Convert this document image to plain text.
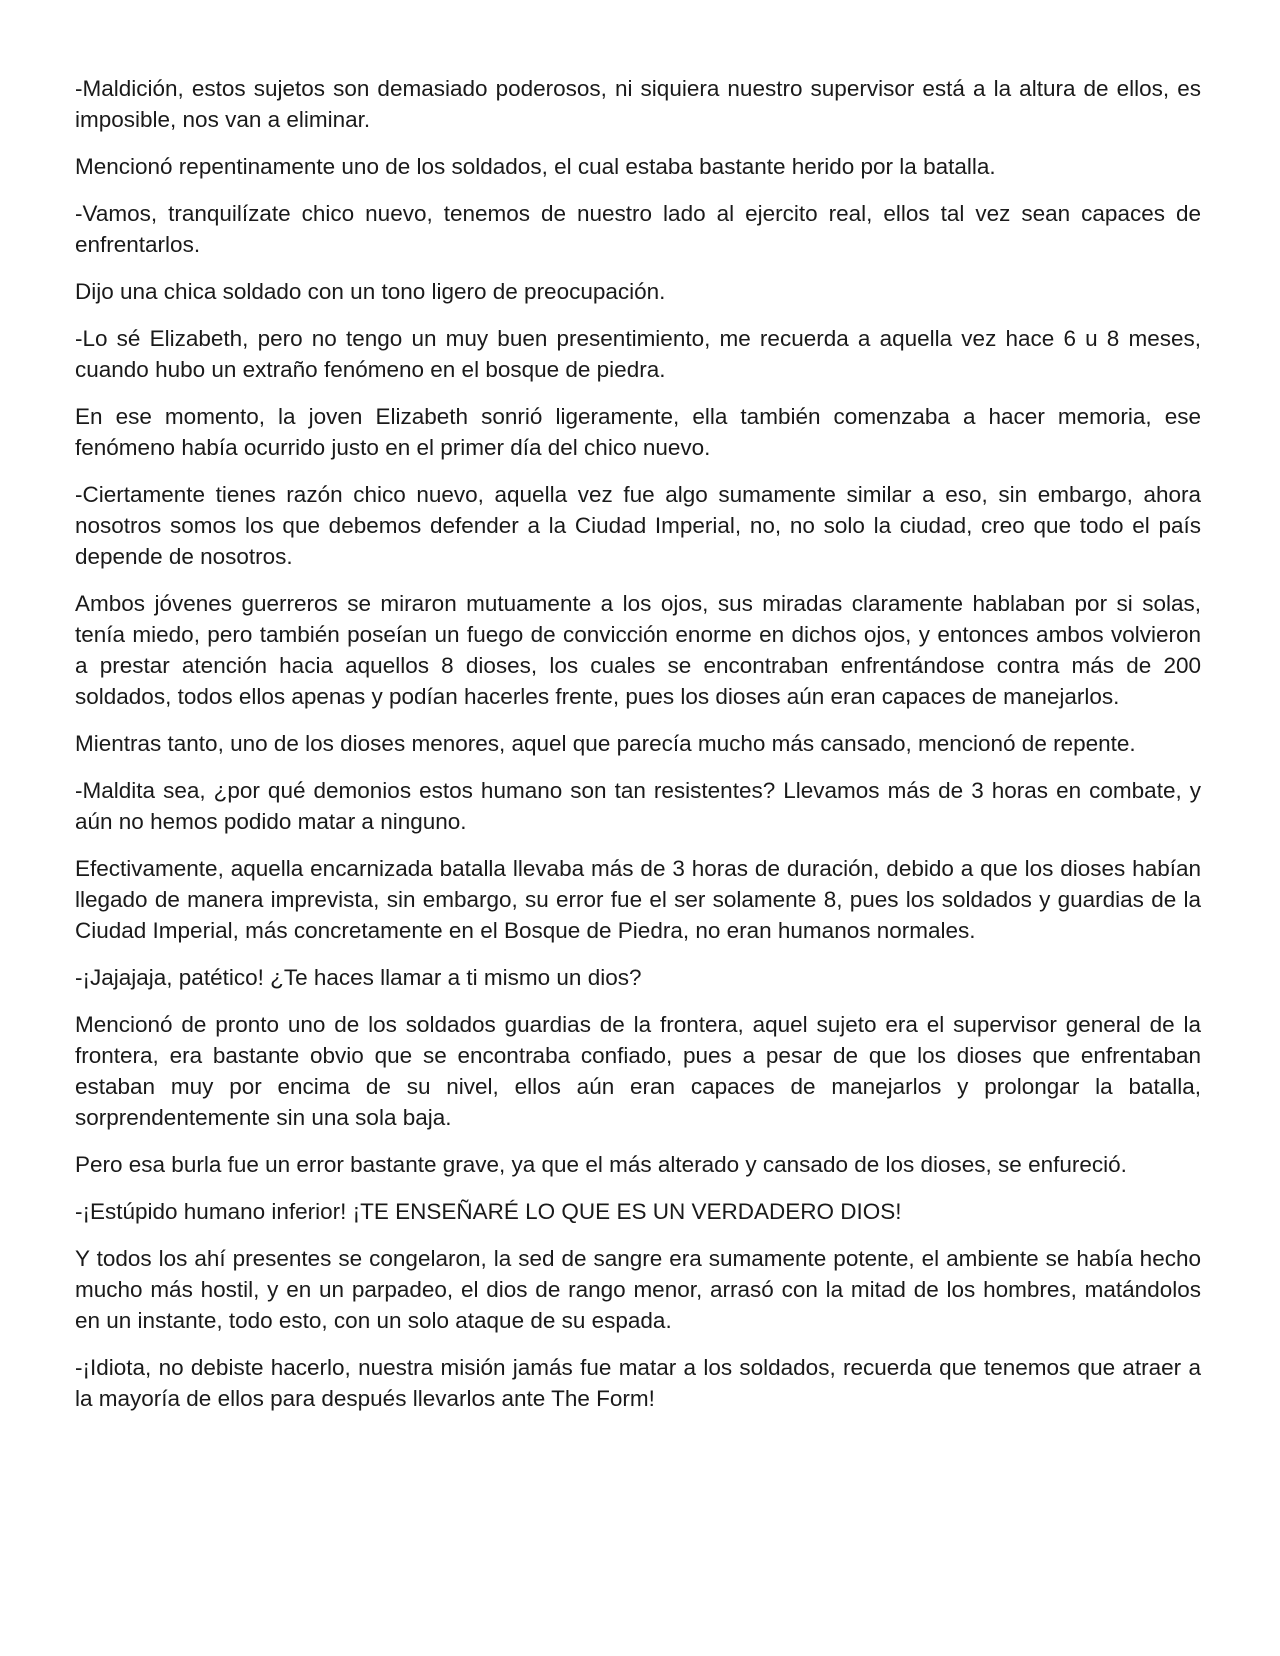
-Maldición, estos sujetos son demasiado poderosos, ni siquiera nuestro supervisor está a la altura de ellos, es imposible, nos van a eliminar.

Mencionó repentinamente uno de los soldados, el cual estaba bastante herido por la batalla.

-Vamos, tranquilízate chico nuevo, tenemos de nuestro lado al ejercito real, ellos tal vez sean capaces de enfrentarlos.

Dijo una chica soldado con un tono ligero de preocupación.

-Lo sé Elizabeth, pero no tengo un muy buen presentimiento, me recuerda a aquella vez hace 6 u 8 meses, cuando hubo un extraño fenómeno en el bosque de piedra.

En ese momento, la joven Elizabeth sonrió ligeramente, ella también comenzaba a hacer memoria, ese fenómeno había ocurrido justo en el primer día del chico nuevo.

-Ciertamente tienes razón chico nuevo, aquella vez fue algo sumamente similar a eso, sin embargo, ahora nosotros somos los que debemos defender a la Ciudad Imperial, no, no solo la ciudad, creo que todo el país depende de nosotros.

Ambos jóvenes guerreros se miraron mutuamente a los ojos, sus miradas claramente hablaban por si solas, tenía miedo, pero también poseían un fuego de convicción enorme en dichos ojos, y entonces ambos volvieron a prestar atención hacia aquellos 8 dioses, los cuales se encontraban enfrentándose contra más de 200 soldados, todos ellos apenas y podían hacerles frente, pues los dioses aún eran capaces de manejarlos.

Mientras tanto, uno de los dioses menores, aquel que parecía mucho más cansado, mencionó de repente.

-Maldita sea, ¿por qué demonios estos humano son tan resistentes? Llevamos más de 3 horas en combate, y aún no hemos podido matar a ninguno.

Efectivamente, aquella encarnizada batalla llevaba más de 3 horas de duración, debido a que los dioses habían llegado de manera imprevista, sin embargo, su error fue el ser solamente 8, pues los soldados y guardias de la Ciudad Imperial, más concretamente en el Bosque de Piedra, no eran humanos normales.

-¡Jajajaja, patético! ¿Te haces llamar a ti mismo un dios?

Mencionó de pronto uno de los soldados guardias de la frontera, aquel sujeto era el supervisor general de la frontera, era bastante obvio que se encontraba confiado, pues a pesar de que los dioses que enfrentaban estaban muy por encima de su nivel, ellos aún eran capaces de manejarlos y prolongar la batalla, sorprendentemente sin una sola baja.

Pero esa burla fue un error bastante grave, ya que el más alterado y cansado de los dioses, se enfureció.

-¡Estúpido humano inferior! ¡TE ENSEÑARÉ LO QUE ES UN VERDADERO DIOS!

Y todos los ahí presentes se congelaron, la sed de sangre era sumamente potente, el ambiente se había hecho mucho más hostil, y en un parpadeo, el dios de rango menor, arrasó con la mitad de los hombres, matándolos en un instante, todo esto, con un solo ataque de su espada.

-¡Idiota, no debiste hacerlo, nuestra misión jamás fue matar a los soldados, recuerda que tenemos que atraer a la mayoría de ellos para después llevarlos ante The Form!
